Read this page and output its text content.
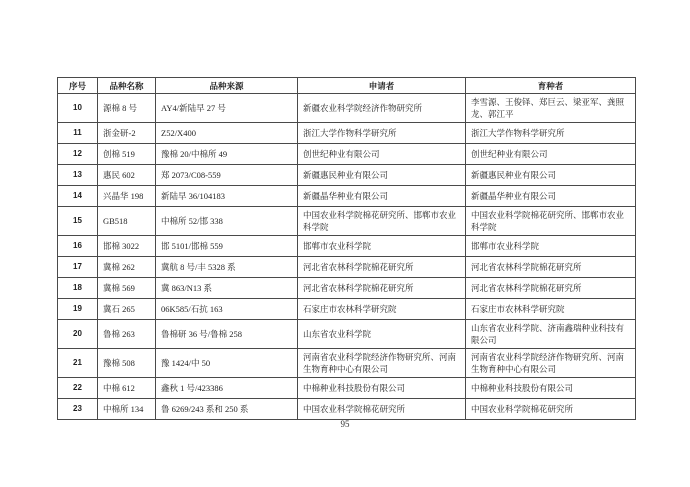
序号	品种名称	品种来源	申请者	育种者
10	源棉 8 号	AY4/新陆早 27 号	新疆农业科学院经济作物研究所	李雪源、王俊铎、郑巨云、梁亚军、龚照龙、郭江平
11	浙金研-2	Z52/X400	浙江大学作物科学研究所	浙江大学作物科学研究所
12	创棉 519	豫棉 20/中棉所 49	创世纪种业有限公司	创世纪种业有限公司
13	惠民 602	郑 2073/C08-559	新疆惠民种业有限公司	新疆惠民种业有限公司
14	兴晶华 198	新陆早 36/104183	新疆晶华种业有限公司	新疆晶华种业有限公司
15	GB518	中棉所 52/邯 338	中国农业科学院棉花研究所、邯郸市农业科学院	中国农业科学院棉花研究所、邯郸市农业科学院
16	邯棉 3022	邯 5101/邯棉 559	邯郸市农业科学院	邯郸市农业科学院
17	冀棉 262	冀航 8 号/丰 5328 系	河北省农林科学院棉花研究所	河北省农林科学院棉花研究所
18	冀棉 569	冀 863/N13 系	河北省农林科学院棉花研究所	河北省农林科学院棉花研究所
19	冀石 265	06K585/石抗 163	石家庄市农林科学研究院	石家庄市农林科学研究院
20	鲁棉 263	鲁棉研 36 号/鲁棉 258	山东省农业科学院	山东省农业科学院、济南鑫瑞种业科技有限公司
21	豫棉 508	豫 1424/中 50	河南省农业科学院经济作物研究所、河南生物育种中心有限公司	河南省农业科学院经济作物研究所、河南生物育种中心有限公司
22	中棉 612	鑫秋 1 号/423386	中棉种业科技股份有限公司	中棉种业科技股份有限公司
23	中棉所 134	鲁 6269/243 系和 250 系	中国农业科学院棉花研究所	中国农业科学院棉花研究所
95
